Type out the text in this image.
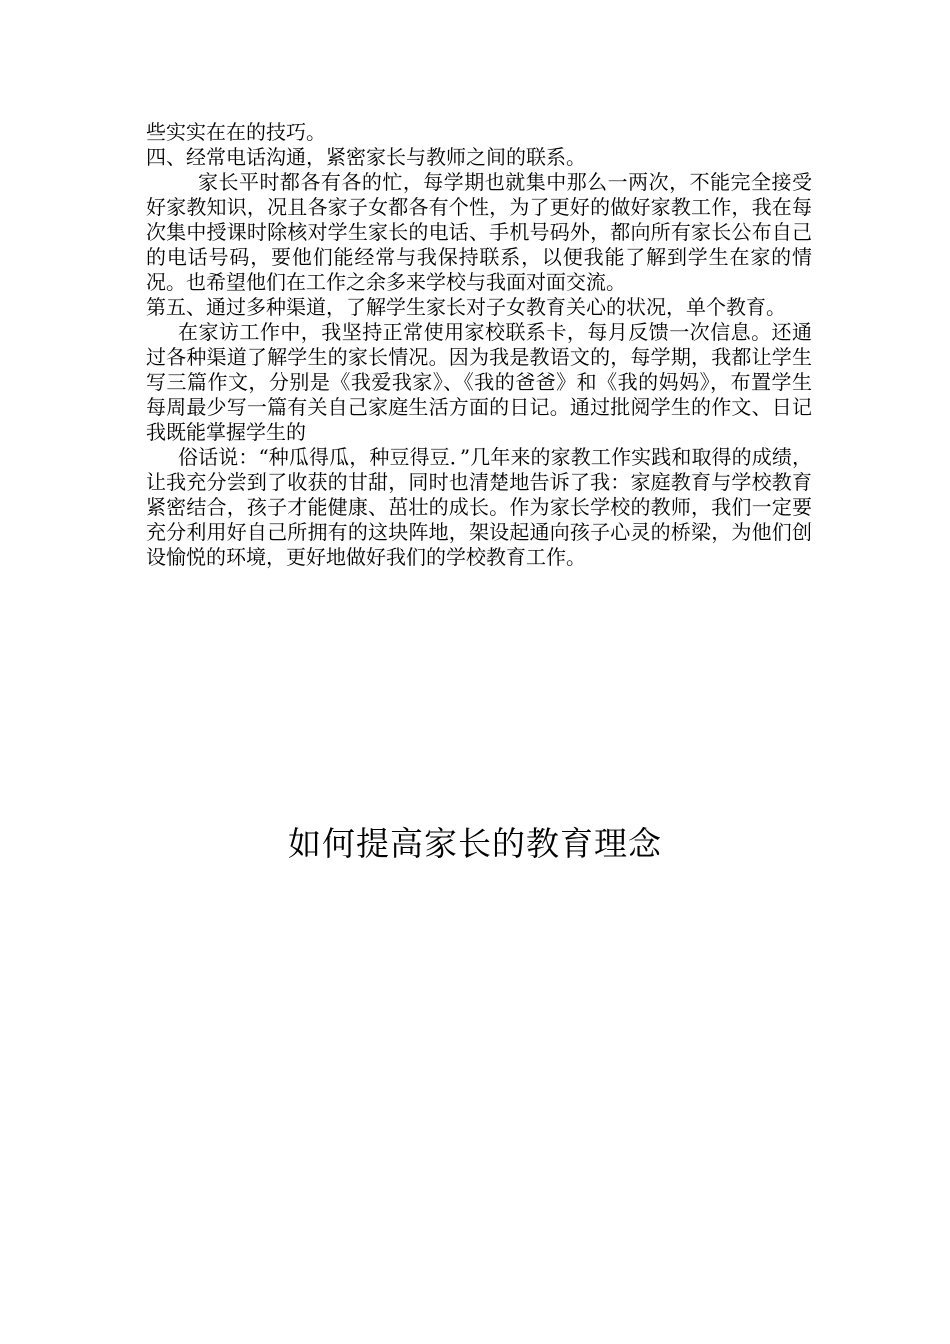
些实实在在的技巧。

四、经常电话沟通，紧密家长与教师之间的联系。

家长平时都各有各的忙，每学期也就集中那么一两次，不能完全接受好家教知识，况且各家子女都各有个性，为了更好的做好家教工作，我在每次集中授课时除核对学生家长的电话、手机号码外，都向所有家长公布自己的电话号码，要他们能经常与我保持联系，以便我能了解到学生在家的情况。也希望他们在工作之余多来学校与我面对面交流。

第五、通过多种渠道，了解学生家长对子女教育关心的状况，单个教育。

在家访工作中，我坚持正常使用家校联系卡，每月反馈一次信息。还通过各种渠道了解学生的家长情况。因为我是教语文的，每学期，我都让学生写三篇作文，分别是《我爱我家》、《我的爸爸》和《我的妈妈》，布置学生每周最少写一篇有关自己家庭生活方面的日记。通过批阅学生的作文、日记我既能掌握学生的

俗话说：“种瓜得瓜，种豆得豆．”几年来的家教工作实践和取得的成绩，让我充分尝到了收获的甘甜，同时也清楚地告诉了我：家庭教育与学校教育紧密结合，孩子才能健康、茁壮的成长。作为家长学校的教师，我们一定要充分利用好自己所拥有的这块阵地，架设起通向孩子心灵的桥梁，为他们创设愉悦的环境，更好地做好我们的学校教育工作。

如何提高家长的教育理念
